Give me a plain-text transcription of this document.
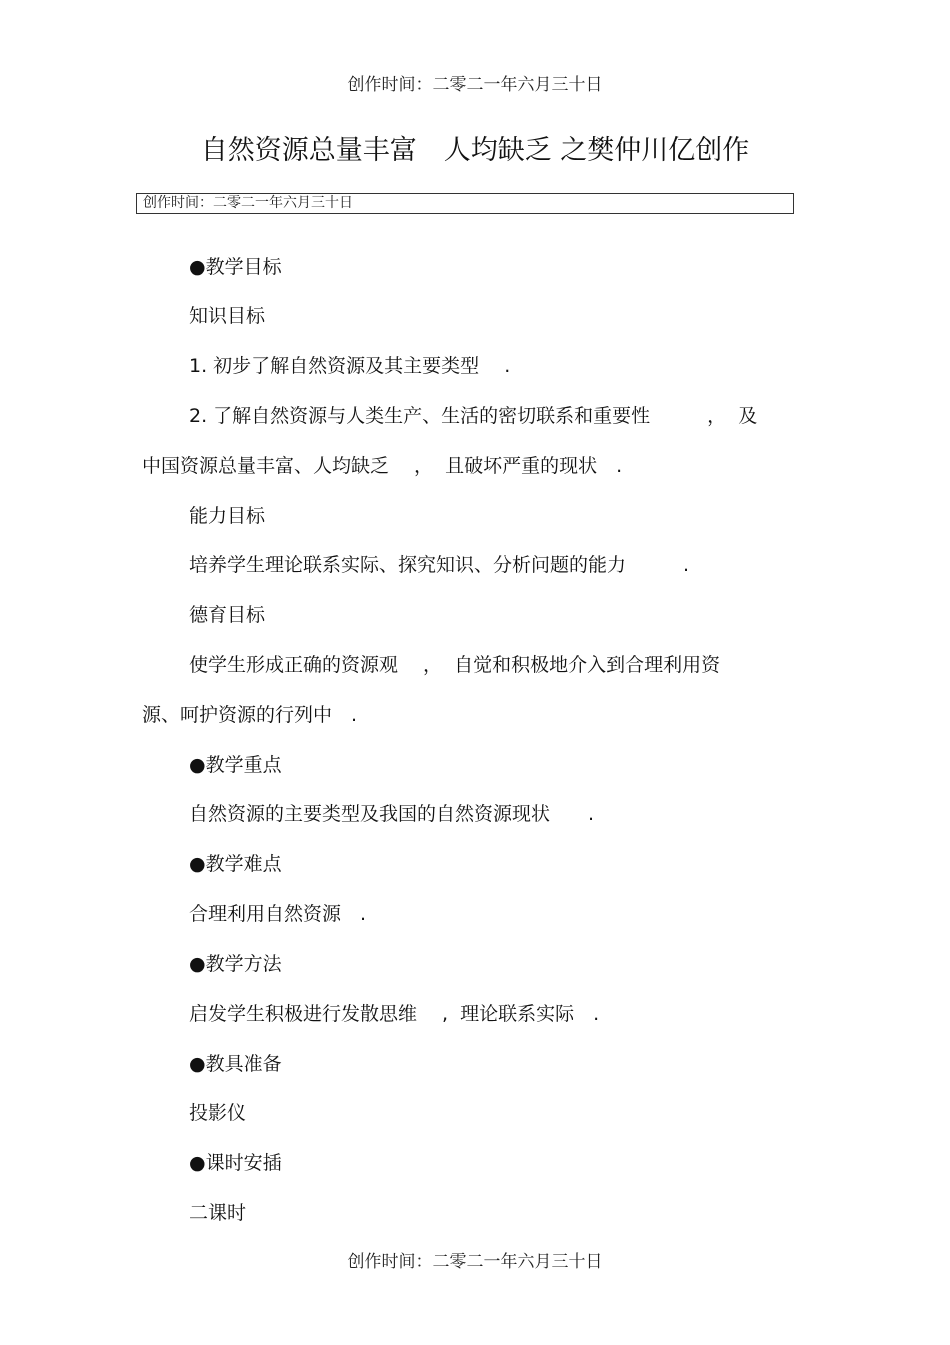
创作时间：二零二一年六月三十日
自然资源总量丰富　人均缺乏 之樊仲川亿创作
创作时间：二零二一年六月三十日
●教学目标
知识目标
1. 初步了解自然资源及其主要类型　 .
2. 了解自然资源与人类生产、生活的密切联系和重要性　　　，  及
中国资源总量丰富、人均缺乏　 ，  且破坏严重的现状　.
能力目标
培养学生理论联系实际、探究知识、分析问题的能力　　　.
德育目标
使学生形成正确的资源观　 ，  自觉和积极地介入到合理利用资
源、呵护资源的行列中　.
●教学重点
自然资源的主要类型及我国的自然资源现状　　.
●教学难点
合理利用自然资源　.
●教学方法
启发学生积极进行发散思维　 ,  理论联系实际　.
●教具准备
投影仪
●课时安插
二课时
创作时间：二零二一年六月三十日
